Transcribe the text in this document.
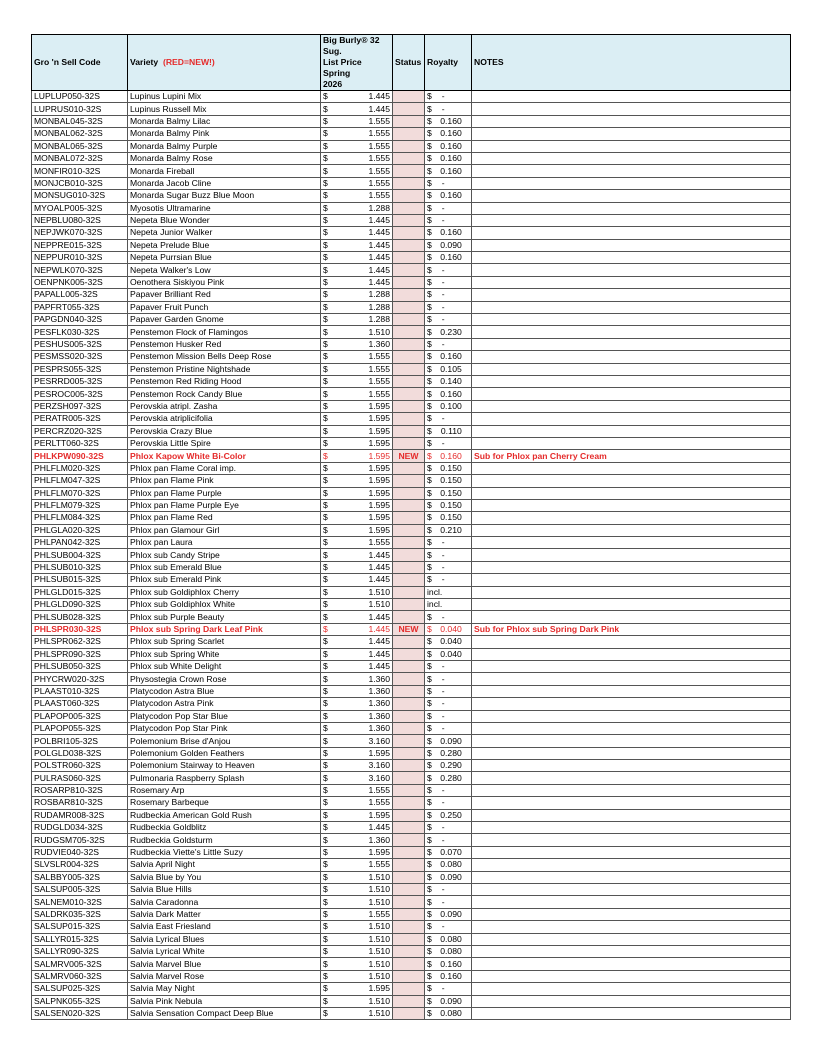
Gro 'n Sell Code	Variety (RED=NEW!)	Big Burly® 32 Sug.
List Price Spring
2026	Status	Royalty	NOTES
LUPLUP050-32S	Lupinus Lupini Mix	$ 1.445		$ -	
LUPRUS010-32S	Lupinus Russell Mix	$ 1.445		$ -	
MONBAL045-32S	Monarda Balmy Lilac	$ 1.555		$ 0.160	
MONBAL062-32S	Monarda Balmy Pink	$ 1.555		$ 0.160	
MONBAL065-32S	Monarda Balmy Purple	$ 1.555		$ 0.160	
MONBAL072-32S	Monarda Balmy Rose	$ 1.555		$ 0.160	
MONFIR010-32S	Monarda Fireball	$ 1.555		$ 0.160	
MONJCB010-32S	Monarda Jacob Cline	$ 1.555		$ -	
MONSUG010-32S	Monarda Sugar Buzz Blue Moon	$ 1.555		$ 0.160	
MYOALP005-32S	Myosotis Ultramarine	$ 1.288		$ -	
NEPBLU080-32S	Nepeta Blue Wonder	$ 1.445		$ -	
NEPJWK070-32S	Nepeta Junior Walker	$ 1.445		$ 0.160	
NEPPRE015-32S	Nepeta Prelude Blue	$ 1.445		$ 0.090	
NEPPUR010-32S	Nepeta Purrsian Blue	$ 1.445		$ 0.160	
NEPWLK070-32S	Nepeta Walker's Low	$ 1.445		$ -	
OENPNK005-32S	Oenothera Siskiyou Pink	$ 1.445		$ -	
PAPALL005-32S	Papaver Brilliant Red	$ 1.288		$ -	
PAPFRT055-32S	Papaver Fruit Punch	$ 1.288		$ -	
PAPGDN040-32S	Papaver Garden Gnome	$ 1.288		$ -	
PESFLK030-32S	Penstemon Flock of Flamingos	$ 1.510		$ 0.230	
PESHUS005-32S	Penstemon Husker Red	$ 1.360		$ -	
PESMSS020-32S	Penstemon Mission Bells Deep Rose	$ 1.555		$ 0.160	
PESPRS055-32S	Penstemon Pristine Nightshade	$ 1.555		$ 0.105	
PESRRD005-32S	Penstemon Red Riding Hood	$ 1.555		$ 0.140	
PESROC005-32S	Penstemon Rock Candy Blue	$ 1.555		$ 0.160	
PERZSH097-32S	Perovskia atripl. Zasha	$ 1.595		$ 0.100	
PERATR005-32S	Perovskia atriplicifolia	$ 1.595		$ -	
PERCRZ020-32S	Perovskia Crazy Blue	$ 1.595		$ 0.110	
PERLTT060-32S	Perovskia Little Spire	$ 1.595		$ -	
PHLKPW090-32S	Phlox Kapow White Bi-Color	$ 1.595	NEW	$ 0.160	Sub for Phlox pan Cherry Cream
PHLFLM020-32S	Phlox pan Flame Coral imp.	$ 1.595		$ 0.150	
PHLFLM047-32S	Phlox pan Flame Pink	$ 1.595		$ 0.150	
PHLFLM070-32S	Phlox pan Flame Purple	$ 1.595		$ 0.150	
PHLFLM079-32S	Phlox pan Flame Purple Eye	$ 1.595		$ 0.150	
PHLFLM084-32S	Phlox pan Flame Red	$ 1.595		$ 0.150	
PHLGLA020-32S	Phlox pan Glamour Girl	$ 1.595		$ 0.210	
PHLPAN042-32S	Phlox pan Laura	$ 1.555		$ -	
PHLSUB004-32S	Phlox sub Candy Stripe	$ 1.445		$ -	
PHLSUB010-32S	Phlox sub Emerald Blue	$ 1.445		$ -	
PHLSUB015-32S	Phlox sub Emerald Pink	$ 1.445		$ -	
PHLGLD015-32S	Phlox sub Goldiphlox Cherry	$ 1.510		incl.	
PHLGLD090-32S	Phlox sub Goldiphlox White	$ 1.510		incl.	
PHLSUB028-32S	Phlox sub Purple Beauty	$ 1.445		$ -	
PHLSPR030-32S	Phlox sub Spring Dark Leaf Pink	$ 1.445	NEW	$ 0.040	Sub for Phlox sub Spring Dark Pink
PHLSPR062-32S	Phlox sub Spring Scarlet	$ 1.445		$ 0.040	
PHLSPR090-32S	Phlox sub Spring White	$ 1.445		$ 0.040	
PHLSUB050-32S	Phlox sub White Delight	$ 1.445		$ -	
PHYCRW020-32S	Physostegia Crown Rose	$ 1.360		$ -	
PLAAST010-32S	Platycodon Astra Blue	$ 1.360		$ -	
PLAAST060-32S	Platycodon Astra Pink	$ 1.360		$ -	
PLAPOP005-32S	Platycodon Pop Star Blue	$ 1.360		$ -	
PLAPOP055-32S	Platycodon Pop Star Pink	$ 1.360		$ -	
POLBRI105-32S	Polemonium Brise d'Anjou	$ 3.160		$ 0.090	
POLGLD038-32S	Polemonium Golden Feathers	$ 1.595		$ 0.280	
POLSTR060-32S	Polemonium Stairway to Heaven	$ 3.160		$ 0.290	
PULRAS060-32S	Pulmonaria Raspberry Splash	$ 3.160		$ 0.280	
ROSARP810-32S	Rosemary Arp	$ 1.555		$ -	
ROSBAR810-32S	Rosemary Barbeque	$ 1.555		$ -	
RUDAMR008-32S	Rudbeckia American Gold Rush	$ 1.595		$ 0.250	
RUDGLD034-32S	Rudbeckia Goldblitz	$ 1.445		$ -	
RUDGSM705-32S	Rudbeckia Goldsturm	$ 1.360		$ -	
RUDVIE040-32S	Rudbeckia Viette's Little Suzy	$ 1.595		$ 0.070	
SLVSLR004-32S	Salvia April Night	$ 1.555		$ 0.080	
SALBBY005-32S	Salvia Blue by You	$ 1.510		$ 0.090	
SALSUP005-32S	Salvia Blue Hills	$ 1.510		$ -	
SALNEM010-32S	Salvia Caradonna	$ 1.510		$ -	
SALDRK035-32S	Salvia Dark Matter	$ 1.555		$ 0.090	
SALSUP015-32S	Salvia East Friesland	$ 1.510		$ -	
SALLYR015-32S	Salvia Lyrical Blues	$ 1.510		$ 0.080	
SALLYR090-32S	Salvia Lyrical White	$ 1.510		$ 0.080	
SALMRV005-32S	Salvia Marvel Blue	$ 1.510		$ 0.160	
SALMRV060-32S	Salvia Marvel Rose	$ 1.510		$ 0.160	
SALSUP025-32S	Salvia May Night	$ 1.595		$ -	
SALPNK055-32S	Salvia Pink Nebula	$ 1.510		$ 0.090	
SALSEN020-32S	Salvia Sensation Compact Deep Blue	$ 1.510		$ 0.080	
